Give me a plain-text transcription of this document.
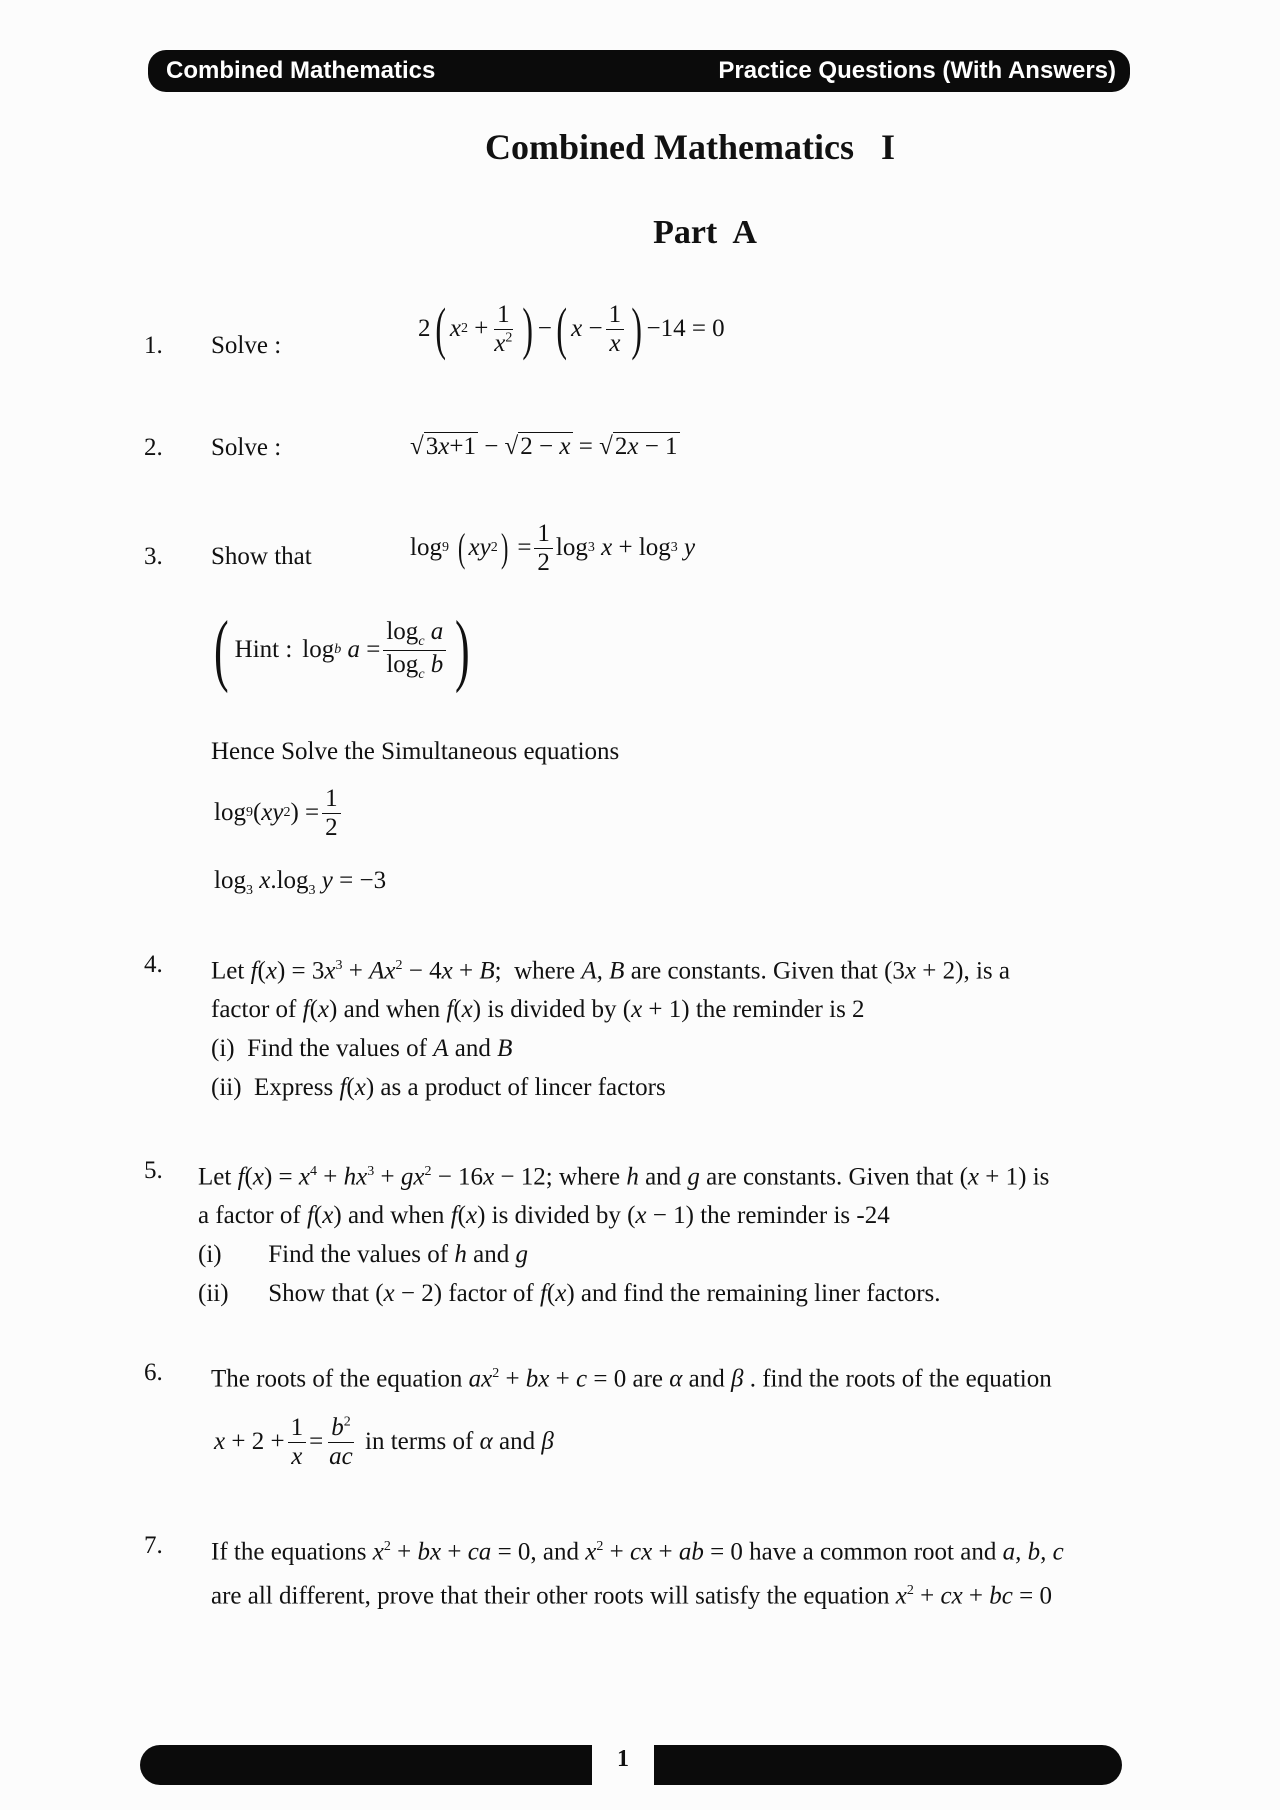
Combined Mathematics	Practice Questions (With Answers)
Combined Mathematics   I
Part  A
1. Solve :
2 ( x $2 + \frac{1}{x^2}$ ) − ( $x - \frac{1}{x}$ ) −14 = 0
2. Solve :	√3x+1 − √2 − x = √2x − 1
3. Show that	log 9
( xy 2 ) = $\frac{1}{2}$ log 3
x + log 3
y
( Hint : log b
$a = \frac{\log_c a}{\log_c b}$ )
Hence Solve the Simultaneous equations
log 9 ( xy 2 ) = $\frac{1}{2}$
$\log_3 x.\log_3$ y = −3
4. Let $f(x) = 3x^3 + Ax^2 - 4x + B$;  where A, B are constants. Given that (3x + 2), is a
factor of f(x) and when f(x) is divided by (x + 1) the reminder is 2
(i) Find the values of A and B
(ii) Express f(x) as a product of lincer factors
5. Let $f(x) = x^4 + hx^3 + gx^2 - 16x - 12$; where h and g are constants. Given that (x + 1) is
a factor of f(x) and when f(x) is divided by (x − 1) the reminder is -24
(i) Find the values of h and g
(ii) Show that (x − 2) factor of f(x) and find the remaining liner factors.
6. The roots of the equation $ax^2$ + bx + c = 0 are α and β . find the roots of the equation
$x + 2 + \frac{1}{x} = \frac{b^2}{ac}$
in terms of
α
and
β
7. If the equations $x^2$ + bx + ca = 0, and $x^2$ + cx + ab = 0 have a common root and a, b, c
are all different, prove that their other roots will satisfy the equation $x^2$ + cx + bc = 0
1
